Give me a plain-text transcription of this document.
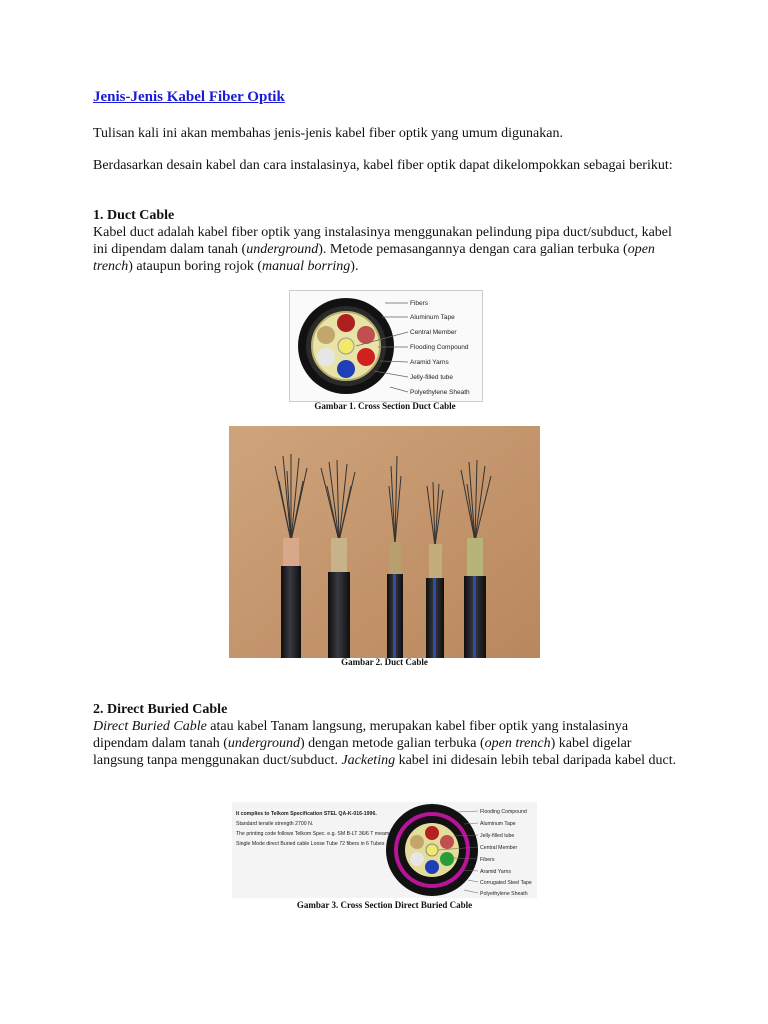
Jenis-Jenis Kabel Fiber Optik

Tulisan kali ini akan membahas jenis-jenis kabel fiber optik yang umum digunakan.

Berdasarkan desain kabel dan cara instalasinya, kabel fiber optik dapat dikelompokkan sebagai berikut:

1. Duct Cable

Kabel duct adalah kabel fiber optik yang instalasinya menggunakan pelindung pipa duct/subduct, kabel ini dipendam dalam tanah (underground). Metode pemasangannya dengan cara galian terbuka (open trench) ataupun boring rojok (manual borring).

Fibers
Aluminum Tape
Central Member
Flooding Compound
Aramid Yarns
Jelly-filled tube
Polyethylene Sheath

Gambar 1. Cross Section Duct Cable

Gambar 2. Duct Cable

2. Direct Buried Cable

Direct Buried Cable atau kabel Tanam langsung, merupakan kabel fiber optik yang instalasinya dipendam dalam tanah (underground) dengan metode galian terbuka (open trench) kabel digelar langsung tanpa menggunakan duct/subduct. Jacketing kabel ini didesain lebih tebal daripada kabel duct.

It complies to Telkom Specification STEL QA-K-016-1996.
Standard tensile strength 2700 N.
The printing code follows Telkom Spec. e.g. SM B-LT 36/6 T meam
Single Mode direct Buried cable Loose Tube 72 fibers in 6 Tubes
Flooding Compound
Aluminum Tape
Jelly-filled tube
Central Member
Fibers
Aramid Yarns
Corrugated Steel Tape
Polyethylene Sheath

Gambar 3. Cross Section Direct Buried Cable
